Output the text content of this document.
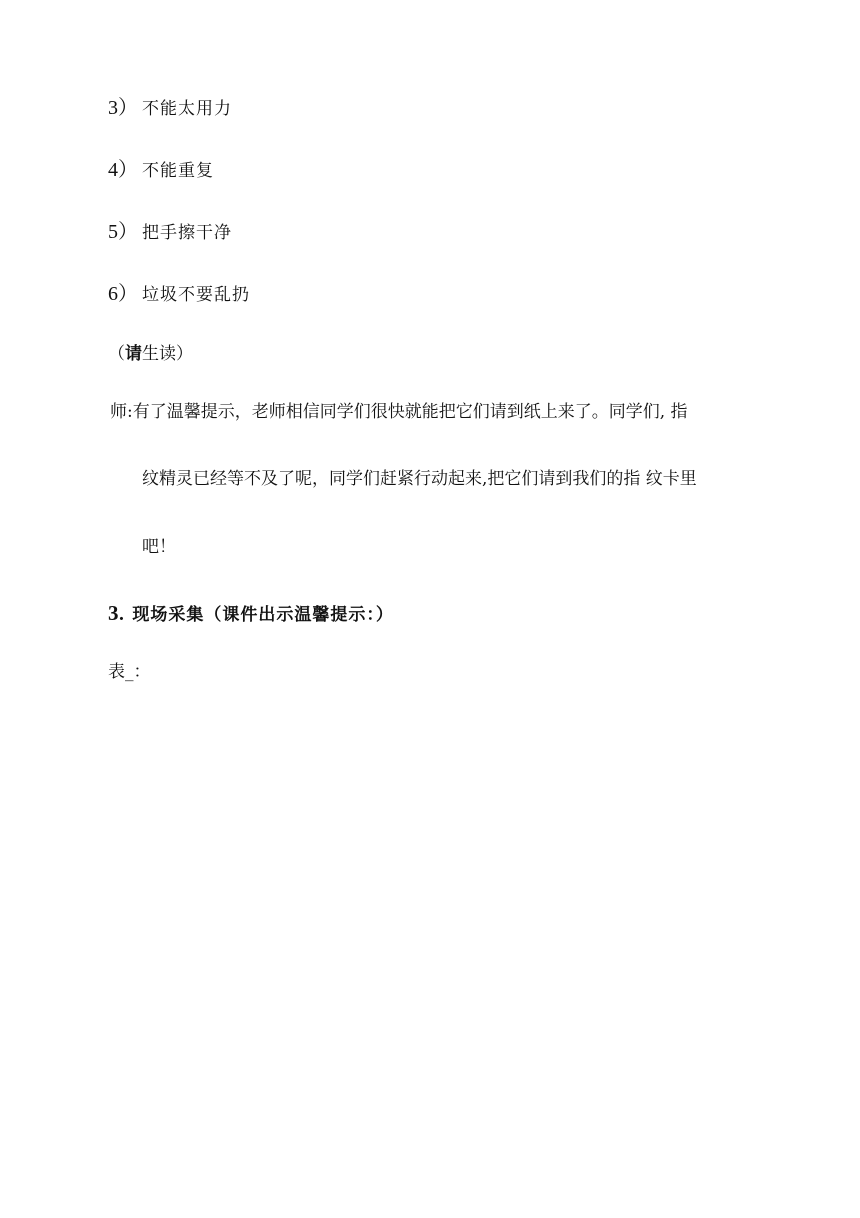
3） 不能太用力
4） 不能重复
5） 把手擦干净
6） 垃圾不要乱扔
（请生读）
师:有了温馨提示，老师相信同学们很快就能把它们请到纸上来了。同学们, 指
纹精灵已经等不及了呢，同学们赶紧行动起来,把它们请到我们的指 纹卡里
吧！
3. 现场采集（课件出示温馨提示：）
表_：
